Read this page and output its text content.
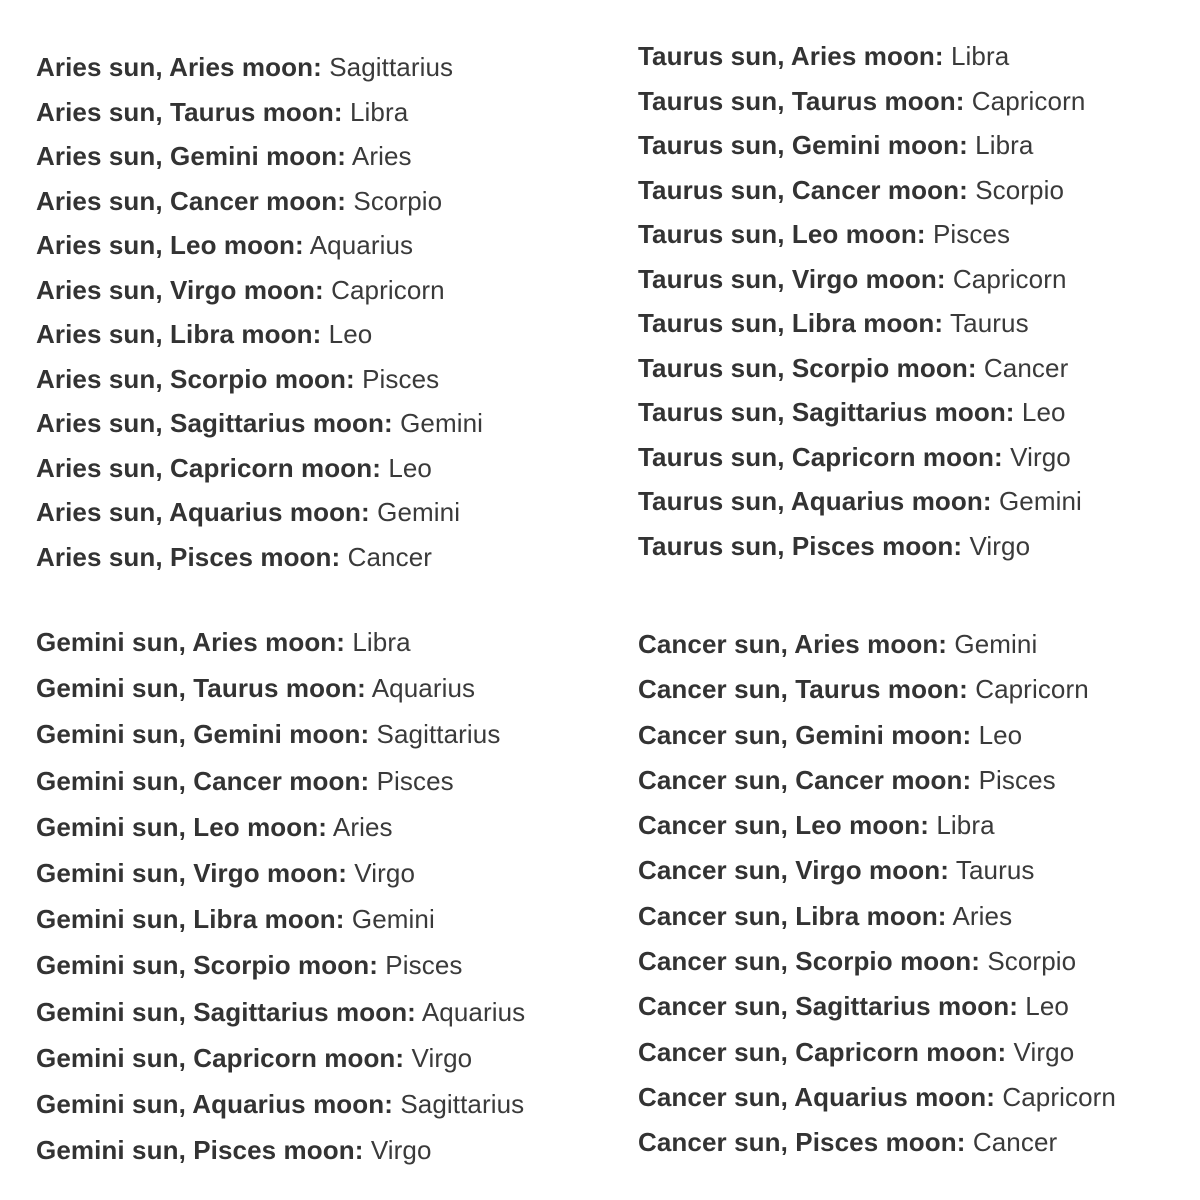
Aries sun, Aries moon: Sagittarius
Aries sun, Taurus moon: Libra
Aries sun, Gemini moon: Aries
Aries sun, Cancer moon: Scorpio
Aries sun, Leo moon: Aquarius
Aries sun, Virgo moon: Capricorn
Aries sun, Libra moon: Leo
Aries sun, Scorpio moon: Pisces
Aries sun, Sagittarius moon: Gemini
Aries sun, Capricorn moon: Leo
Aries sun, Aquarius moon: Gemini
Aries sun, Pisces moon: Cancer
Taurus sun, Aries moon: Libra
Taurus sun, Taurus moon: Capricorn
Taurus sun, Gemini moon: Libra
Taurus sun, Cancer moon: Scorpio
Taurus sun, Leo moon: Pisces
Taurus sun, Virgo moon: Capricorn
Taurus sun, Libra moon: Taurus
Taurus sun, Scorpio moon: Cancer
Taurus sun, Sagittarius moon: Leo
Taurus sun, Capricorn moon: Virgo
Taurus sun, Aquarius moon: Gemini
Taurus sun, Pisces moon: Virgo
Gemini sun, Aries moon: Libra
Gemini sun, Taurus moon: Aquarius
Gemini sun, Gemini moon: Sagittarius
Gemini sun, Cancer moon: Pisces
Gemini sun, Leo moon: Aries
Gemini sun, Virgo moon: Virgo
Gemini sun, Libra moon: Gemini
Gemini sun, Scorpio moon: Pisces
Gemini sun, Sagittarius moon: Aquarius
Gemini sun, Capricorn moon: Virgo
Gemini sun, Aquarius moon: Sagittarius
Gemini sun, Pisces moon: Virgo
Cancer sun, Aries moon: Gemini
Cancer sun, Taurus moon: Capricorn
Cancer sun, Gemini moon: Leo
Cancer sun, Cancer moon: Pisces
Cancer sun, Leo moon: Libra
Cancer sun, Virgo moon: Taurus
Cancer sun, Libra moon: Aries
Cancer sun, Scorpio moon: Scorpio
Cancer sun, Sagittarius moon: Leo
Cancer sun, Capricorn moon: Virgo
Cancer sun, Aquarius moon: Capricorn
Cancer sun, Pisces moon: Cancer
